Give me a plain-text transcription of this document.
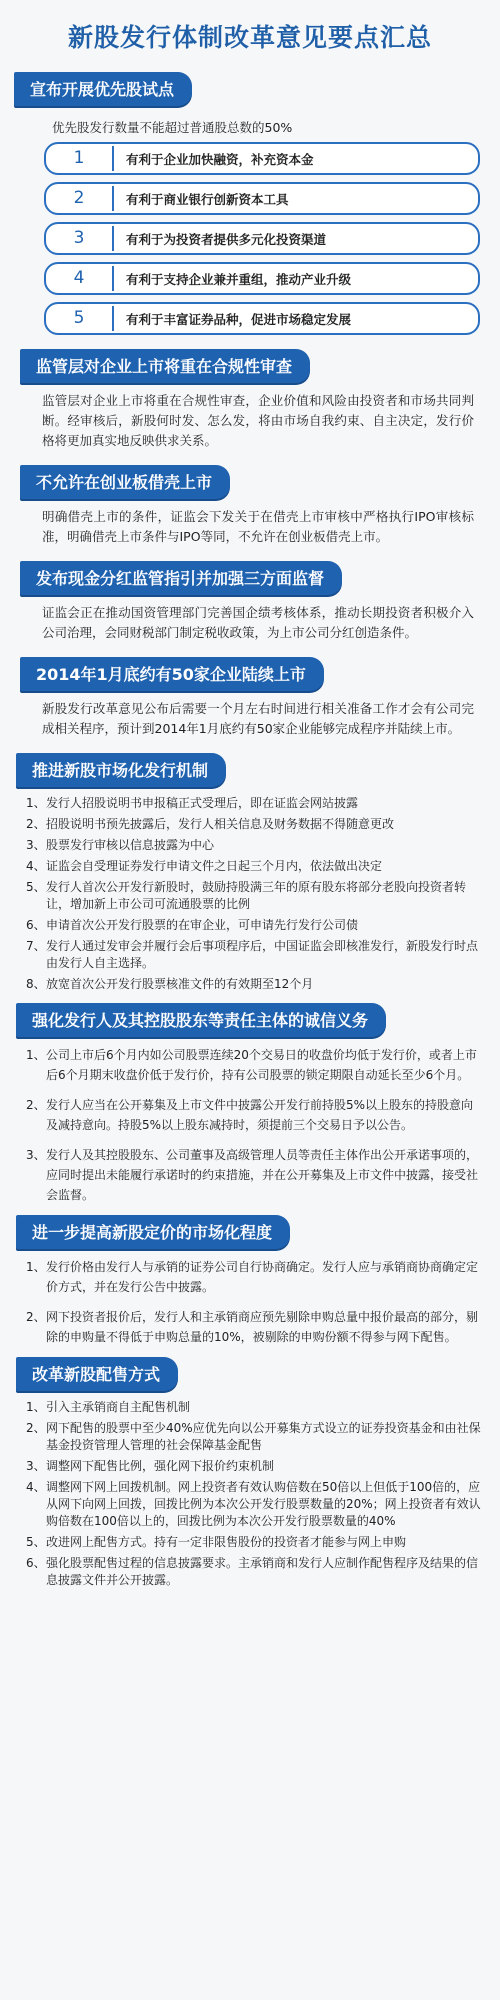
新股发行体制改革意见要点汇总
宣布开展优先股试点
优先股发行数量不能超过普通股总数的50%
1	有利于企业加快融资，补充资本金
2	有利于商业银行创新资本工具
3	有利于为投资者提供多元化投资渠道
4	有利于支持企业兼并重组，推动产业升级
5	有利于丰富证券品种，促进市场稳定发展
监管层对企业上市将重在合规性审查
监管层对企业上市将重在合规性审查，企业价值和风险由投资者和市场共同判断。经审核后，新股何时发、怎么发，将由市场自我约束、自主决定，发行价格将更加真实地反映供求关系。
不允许在创业板借壳上市
明确借壳上市的条件，证监会下发关于在借壳上市审核中严格执行IPO审核标准，明确借壳上市条件与IPO等同，不允许在创业板借壳上市。
发布现金分红监管指引并加强三方面监督
证监会正在推动国资管理部门完善国企绩考核体系，推动长期投资者积极介入公司治理，会同财税部门制定税收政策，为上市公司分红创造条件。
2014年1月底约有50家企业陆续上市
新股发行改革意见公布后需要一个月左右时间进行相关准备工作才会有公司完成相关程序，预计到2014年1月底约有50家企业能够完成程序并陆续上市。
推进新股市场化发行机制
1、 发行人招股说明书申报稿正式受理后，即在证监会网站披露
2、 招股说明书预先披露后，发行人相关信息及财务数据不得随意更改
3、 股票发行审核以信息披露为中心
4、 证监会自受理证券发行申请文件之日起三个月内，依法做出决定
5、 发行人首次公开发行新股时，鼓励持股满三年的原有股东将部分老股向投资者转让，增加新上市公司可流通股票的比例
6、 申请首次公开发行股票的在审企业，可申请先行发行公司债
7、 发行人通过发审会并履行会后事项程序后，中国证监会即核准发行，新股发行时点由发行人自主选择。
8、 放宽首次公开发行股票核准文件的有效期至12个月
强化发行人及其控股股东等责任主体的诚信义务
1、 公司上市后6个月内如公司股票连续20个交易日的收盘价均低于发行价，或者上市后6个月期末收盘价低于发行价，持有公司股票的锁定期限自动延长至少6个月。
2、 发行人应当在公开募集及上市文件中披露公开发行前持股5%以上股东的持股意向及减持意向。持股5%以上股东减持时，须提前三个交易日予以公告。
3、 发行人及其控股股东、公司董事及高级管理人员等责任主体作出公开承诺事项的，应同时提出未能履行承诺时的约束措施，并在公开募集及上市文件中披露，接受社会监督。
进一步提高新股定价的市场化程度
1、 发行价格由发行人与承销的证券公司自行协商确定。发行人应与承销商协商确定定价方式，并在发行公告中披露。
2、 网下投资者报价后，发行人和主承销商应预先剔除申购总量中报价最高的部分，剔除的申购量不得低于申购总量的10%，被剔除的申购份额不得参与网下配售。
改革新股配售方式
1、 引入主承销商自主配售机制
2、 网下配售的股票中至少40%应优先向以公开募集方式设立的证券投资基金和由社保基金投资管理人管理的社会保障基金配售
3、 调整网下配售比例，强化网下报价约束机制
4、 调整网下网上回拨机制。网上投资者有效认购倍数在50倍以上但低于100倍的，应从网下向网上回拨，回拨比例为本次公开发行股票数量的20%；网上投资者有效认购倍数在100倍以上的，回拨比例为本次公开发行股票数量的40%
5、 改进网上配售方式。持有一定非限售股份的投资者才能参与网上申购
6、 强化股票配售过程的信息披露要求。主承销商和发行人应制作配售程序及结果的信息披露文件并公开披露。
